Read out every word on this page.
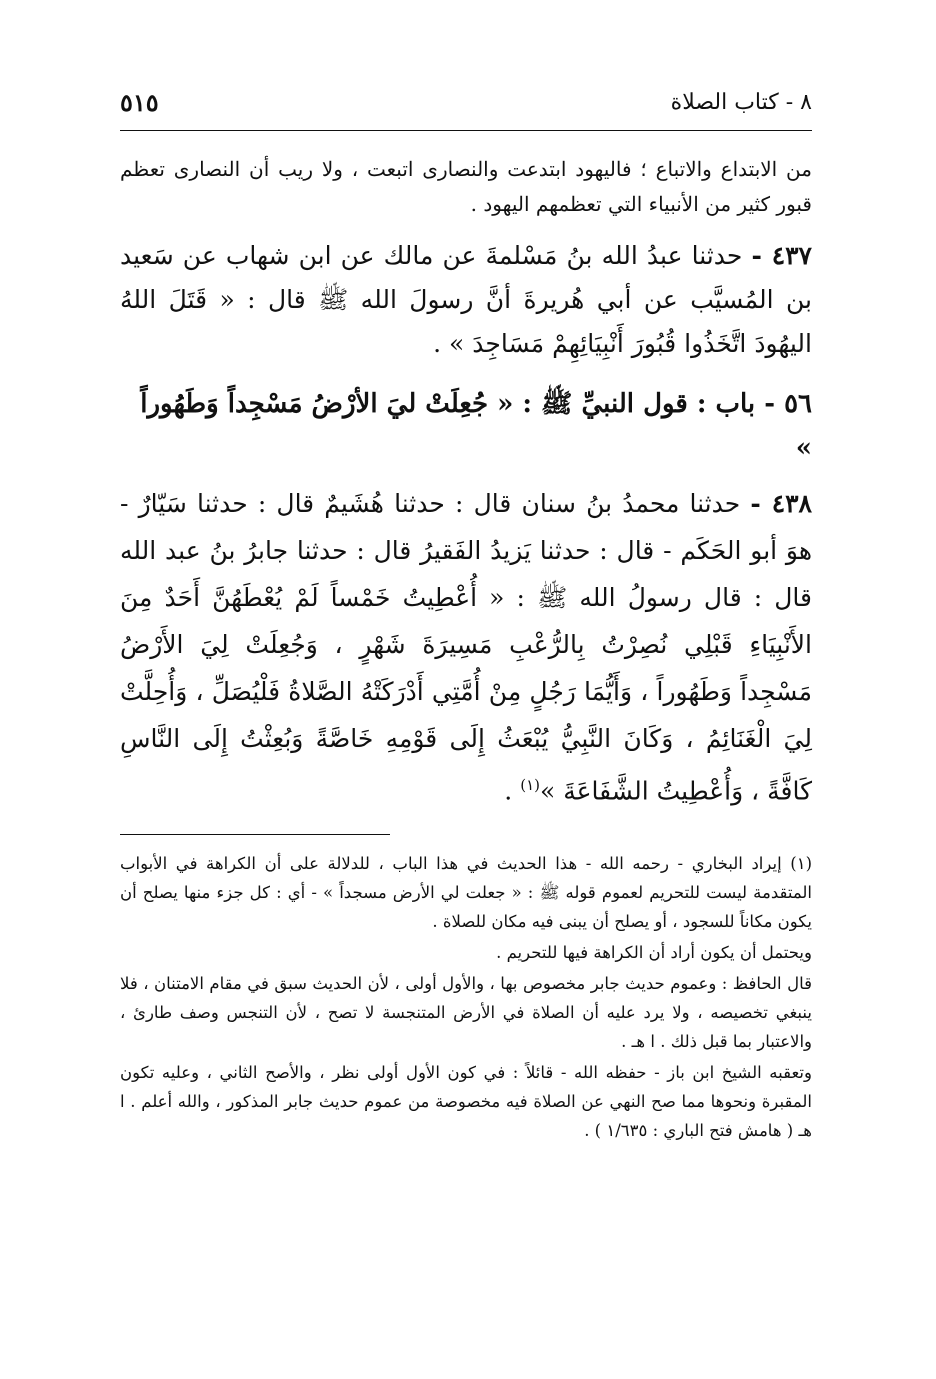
٨ - كتاب الصلاة
٥١٥
من الابتداع والاتباع ؛ فاليهود ابتدعت والنصارى اتبعت ، ولا ريب أن النصارى تعظم قبور كثير من الأنبياء التي تعظمهم اليهود .
٤٣٧ - حدثنا عبدُ الله بنُ مَسْلمةَ عن مالك عن ابن شهاب عن سَعيد بن المُسيَّب عن أبي هُريرةَ أنَّ رسولَ الله ﷺ قال : « قَتَلَ اللهُ اليهُودَ اتَّخَذُوا قُبُورَ أَنْبِيَائِهِمْ مَسَاجِدَ » .
٥٦ - باب : قول النبيِّ ﷺ : « جُعِلَتْ ليَ الأرْضُ مَسْجِداً وَطَهُوراً »
٤٣٨ - حدثنا محمدُ بنُ سنان قال : حدثنا هُشَيمٌ قال : حدثنا سَيّارٌ - هوَ أبو الحَكَم - قال : حدثنا يَزيدُ الفَقيرُ قال : حدثنا جابرُ بنُ عبد الله قال : قال رسولُ الله ﷺ : « أُعْطِيتُ خَمْساً لَمْ يُعْطَهُنَّ أَحَدٌ مِنَ الأَنْبِيَاءِ قَبْلِي نُصِرْتُ بِالرُّعْبِ مَسِيرَةَ شَهْرٍ ، وَجُعِلَتْ لِيَ الأَرْضُ مَسْجِداً وَطَهُوراً ، وَأَيُّمَا رَجُلٍ مِنْ أُمَّتِي أَدْرَكَتْهُ الصَّلاةُ فَلْيُصَلِّ ، وَأُحِلَّتْ لِيَ الْغَنَائِمُ ، وَكَانَ النَّبِيُّ يُبْعَثُ إِلَى قَوْمِهِ خَاصَّةً وَبُعِثْتُ إِلَى النَّاسِ كَافَّةً ، وَأُعْطِيتُ الشَّفَاعَةَ »$^{(١)}$ .

(١) إيراد البخاري - رحمه الله - هذا الحديث في هذا الباب ، للدلالة على أن الكراهة في الأبواب المتقدمة ليست للتحريم لعموم قوله ﷺ : « جعلت لي الأرض مسجداً » - أي : كل جزء منها يصلح أن يكون مكاناً للسجود ، أو يصلح أن يبنى فيه مكان للصلاة .

ويحتمل أن يكون أراد أن الكراهة فيها للتحريم .

قال الحافظ : وعموم حديث جابر مخصوص بها ، والأول أولى ، لأن الحديث سبق في مقام الامتنان ، فلا ينبغي تخصيصه ، ولا يرد عليه أن الصلاة في الأرض المتنجسة لا تصح ، لأن التنجس وصف طارئ ، والاعتبار بما قبل ذلك . ا هـ .

وتعقبه الشيخ ابن باز - حفظه الله - قائلاً : في كون الأول أولى نظر ، والأصح الثاني ، وعليه تكون المقبرة ونحوها مما صح النهي عن الصلاة فيه مخصوصة من عموم حديث جابر المذكور ، والله أعلم . ا هـ ( هامش فتح الباري : ١/٦٣٥ ) .
